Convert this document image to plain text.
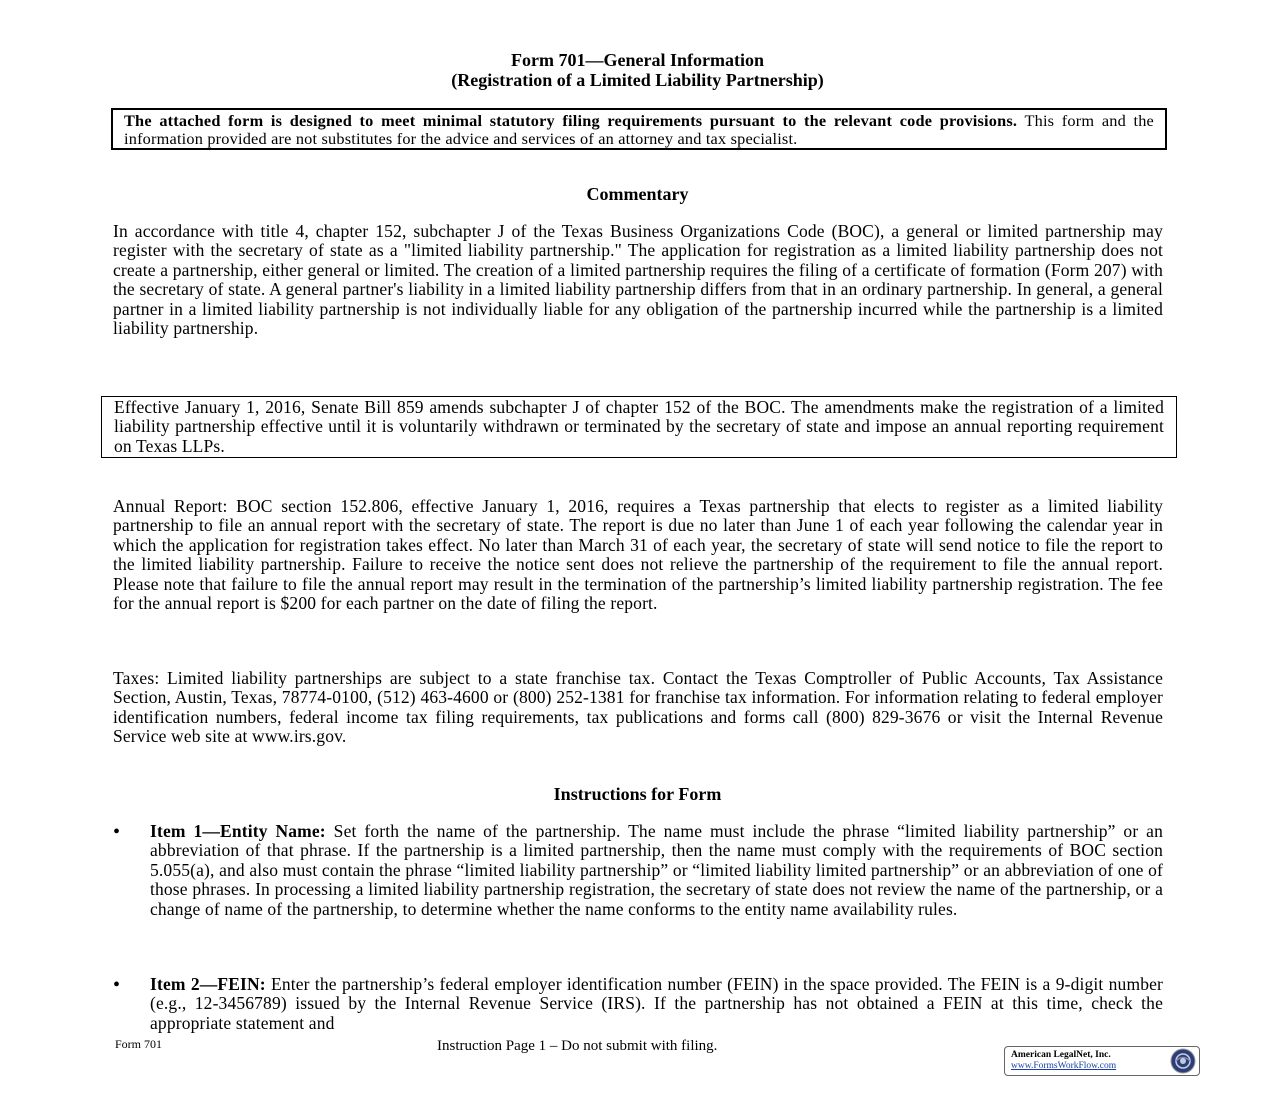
Form 701—General Information
(Registration of a Limited Liability Partnership)
The attached form is designed to meet minimal statutory filing requirements pursuant to the relevant code provisions. This form and the information provided are not substitutes for the advice and services of an attorney and tax specialist.
Commentary
In accordance with title 4, chapter 152, subchapter J of the Texas Business Organizations Code (BOC), a general or limited partnership may register with the secretary of state as a "limited liability partnership." The application for registration as a limited liability partnership does not create a partnership, either general or limited. The creation of a limited partnership requires the filing of a certificate of formation (Form 207) with the secretary of state. A general partner's liability in a limited liability partnership differs from that in an ordinary partnership. In general, a general partner in a limited liability partnership is not individually liable for any obligation of the partnership incurred while the partnership is a limited liability partnership.
Effective January 1, 2016, Senate Bill 859 amends subchapter J of chapter 152 of the BOC. The amendments make the registration of a limited liability partnership effective until it is voluntarily withdrawn or terminated by the secretary of state and impose an annual reporting requirement on Texas LLPs.
Annual Report: BOC section 152.806, effective January 1, 2016, requires a Texas partnership that elects to register as a limited liability partnership to file an annual report with the secretary of state. The report is due no later than June 1 of each year following the calendar year in which the application for registration takes effect. No later than March 31 of each year, the secretary of state will send notice to file the report to the limited liability partnership. Failure to receive the notice sent does not relieve the partnership of the requirement to file the annual report. Please note that failure to file the annual report may result in the termination of the partnership’s limited liability partnership registration. The fee for the annual report is $200 for each partner on the date of filing the report.
Taxes: Limited liability partnerships are subject to a state franchise tax. Contact the Texas Comptroller of Public Accounts, Tax Assistance Section, Austin, Texas, 78774-0100, (512) 463-4600 or (800) 252-1381 for franchise tax information. For information relating to federal employer identification numbers, federal income tax filing requirements, tax publications and forms call (800) 829-3676 or visit the Internal Revenue Service web site at www.irs.gov.
Instructions for Form
• Item 1—Entity Name: Set forth the name of the partnership. The name must include the phrase “limited liability partnership” or an abbreviation of that phrase. If the partnership is a limited partnership, then the name must comply with the requirements of BOC section 5.055(a), and also must contain the phrase “limited liability partnership” or “limited liability limited partnership” or an abbreviation of one of those phrases. In processing a limited liability partnership registration, the secretary of state does not review the name of the partnership, or a change of name of the partnership, to determine whether the name conforms to the entity name availability rules.
• Item 2—FEIN: Enter the partnership’s federal employer identification number (FEIN) in the space provided. The FEIN is a 9-digit number (e.g., 12-3456789) issued by the Internal Revenue Service (IRS). If the partnership has not obtained a FEIN at this time, check the appropriate statement and
Form 701	Instruction Page 1 – Do not submit with filing.
American LegalNet, Inc.
www.FormsWorkFlow.com
